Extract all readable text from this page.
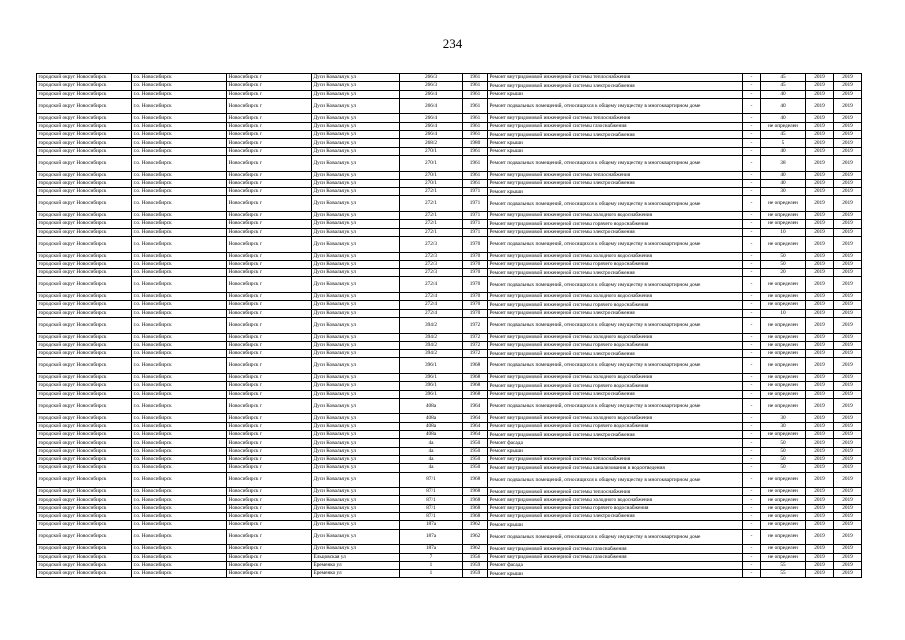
234
городской округ Новосибирск	г.о. Новосибирск	Новосибирск г	Дуси Ковальчук ул	266/3	1961	Ремонт внутридомовой инженерной системы теплоснабжения	-	45	2019	2019
городской округ Новосибирск	г.о. Новосибирск	Новосибирск г	Дуси Ковальчук ул	266/3	1961	Ремонт внутридомовой инженерной системы электроснабжения	-	45	2019	2019
городской округ Новосибирск	г.о. Новосибирск	Новосибирск г	Дуси Ковальчук ул	266/4	1961	Ремонт крыши	-	40	2019	2019
городской округ Новосибирск	г.о. Новосибирск	Новосибирск г	Дуси Ковальчук ул	266/4	1961	Ремонт подвальных помещений, относящихся к общему имуществу в многоквартирном доме	-	40	2019	2019
городской округ Новосибирск	г.о. Новосибирск	Новосибирск г	Дуси Ковальчук ул	266/4	1961	Ремонт внутридомовой инженерной системы теплоснабжения	-	40	2019	2019
городской округ Новосибирск	г.о. Новосибирск	Новосибирск г	Дуси Ковальчук ул	266/4	1961	Ремонт внутридомовой инженерной системы газоснабжения	-	не определен	2019	2019
городской округ Новосибирск	г.о. Новосибирск	Новосибирск г	Дуси Ковальчук ул	266/4	1961	Ремонт внутридомовой инженерной системы электроснабжения	-	45	2019	2019
городской округ Новосибирск	г.о. Новосибирск	Новосибирск г	Дуси Ковальчук ул	268/2	1980	Ремонт крыши	-	5	2019	2019
городской округ Новосибирск	г.о. Новосибирск	Новосибирск г	Дуси Ковальчук ул	270/1	1961	Ремонт крыши	-	40	2019	2019
городской округ Новосибирск	г.о. Новосибирск	Новосибирск г	Дуси Ковальчук ул	270/1	1961	Ремонт подвальных помещений, относящихся к общему имуществу в многоквартирном доме	-	38	2019	2019
городской округ Новосибирск	г.о. Новосибирск	Новосибирск г	Дуси Ковальчук ул	270/1	1961	Ремонт внутридомовой инженерной системы теплоснабжения	-	40	2019	2019
городской округ Новосибирск	г.о. Новосибирск	Новосибирск г	Дуси Ковальчук ул	270/1	1961	Ремонт внутридомовой инженерной системы электроснабжения	-	40	2019	2019
городской округ Новосибирск	г.о. Новосибирск	Новосибирск г	Дуси Ковальчук ул	272/1	1971	Ремонт крыши	-	30	2019	2019
городской округ Новосибирск	г.о. Новосибирск	Новосибирск г	Дуси Ковальчук ул	272/1	1971	Ремонт подвальных помещений, относящихся к общему имуществу в многоквартирном доме	-	не определен	2019	2019
городской округ Новосибирск	г.о. Новосибирск	Новосибирск г	Дуси Ковальчук ул	272/1	1971	Ремонт внутридомовой инженерной системы холодного водоснабжения	-	не определен	2019	2019
городской округ Новосибирск	г.о. Новосибирск	Новосибирск г	Дуси Ковальчук ул	272/1	1971	Ремонт внутридомовой инженерной системы горячего водоснабжения	-	не определен	2019	2019
городской округ Новосибирск	г.о. Новосибирск	Новосибирск г	Дуси Ковальчук ул	272/1	1971	Ремонт внутридомовой инженерной системы электроснабжения	-	10	2019	2019
городской округ Новосибирск	г.о. Новосибирск	Новосибирск г	Дуси Ковальчук ул	272/3	1970	Ремонт подвальных помещений, относящихся к общему имуществу в многоквартирном доме	-	не определен	2019	2019
городской округ Новосибирск	г.о. Новосибирск	Новосибирск г	Дуси Ковальчук ул	272/3	1970	Ремонт внутридомовой инженерной системы холодного водоснабжения	-	50	2019	2019
городской округ Новосибирск	г.о. Новосибирск	Новосибирск г	Дуси Ковальчук ул	272/3	1970	Ремонт внутридомовой инженерной системы горячего водоснабжения	-	50	2019	2019
городской округ Новосибирск	г.о. Новосибирск	Новосибирск г	Дуси Ковальчук ул	272/3	1970	Ремонт внутридомовой инженерной системы электроснабжения	-	20	2019	2019
городской округ Новосибирск	г.о. Новосибирск	Новосибирск г	Дуси Ковальчук ул	272/4	1970	Ремонт подвальных помещений, относящихся к общему имуществу в многоквартирном доме	-	не определен	2019	2019
городской округ Новосибирск	г.о. Новосибирск	Новосибирск г	Дуси Ковальчук ул	272/4	1970	Ремонт внутридомовой инженерной системы холодного водоснабжения	-	не определен	2019	2019
городской округ Новосибирск	г.о. Новосибирск	Новосибирск г	Дуси Ковальчук ул	272/4	1970	Ремонт внутридомовой инженерной системы горячего водоснабжения	-	не определен	2019	2019
городской округ Новосибирск	г.о. Новосибирск	Новосибирск г	Дуси Ковальчук ул	272/4	1970	Ремонт внутридомовой инженерной системы электроснабжения	-	10	2019	2019
городской округ Новосибирск	г.о. Новосибирск	Новосибирск г	Дуси Ковальчук ул	394/2	1972	Ремонт подвальных помещений, относящихся к общему имуществу в многоквартирном доме	-	не определен	2019	2019
городской округ Новосибирск	г.о. Новосибирск	Новосибирск г	Дуси Ковальчук ул	394/2	1972	Ремонт внутридомовой инженерной системы холодного водоснабжения	-	не определен	2019	2019
городской округ Новосибирск	г.о. Новосибирск	Новосибирск г	Дуси Ковальчук ул	394/2	1972	Ремонт внутридомовой инженерной системы горячего водоснабжения	-	не определен	2019	2019
городской округ Новосибирск	г.о. Новосибирск	Новосибирск г	Дуси Ковальчук ул	394/2	1972	Ремонт внутридомовой инженерной системы электроснабжения	-	не определен	2019	2019
городской округ Новосибирск	г.о. Новосибирск	Новосибирск г	Дуси Ковальчук ул	396/1	1968	Ремонт подвальных помещений, относящихся к общему имуществу в многоквартирном доме	-	не определен	2019	2019
городской округ Новосибирск	г.о. Новосибирск	Новосибирск г	Дуси Ковальчук ул	396/1	1968	Ремонт внутридомовой инженерной системы холодного водоснабжения	-	не определен	2019	2019
городской округ Новосибирск	г.о. Новосибирск	Новосибирск г	Дуси Ковальчук ул	396/1	1968	Ремонт внутридомовой инженерной системы горячего водоснабжения	-	не определен	2019	2019
городской округ Новосибирск	г.о. Новосибирск	Новосибирск г	Дуси Ковальчук ул	396/1	1968	Ремонт внутридомовой инженерной системы электроснабжения	-	не определен	2019	2019
городской округ Новосибирск	г.о. Новосибирск	Новосибирск г	Дуси Ковальчук ул	408а	1964	Ремонт подвальных помещений, относящихся к общему имуществу в многоквартирном доме	-	не определен	2019	2019
городской округ Новосибирск	г.о. Новосибирск	Новосибирск г	Дуси Ковальчук ул	408а	1964	Ремонт внутридомовой инженерной системы холодного водоснабжения	-	30	2019	2019
городской округ Новосибирск	г.о. Новосибирск	Новосибирск г	Дуси Ковальчук ул	408а	1964	Ремонт внутридомовой инженерной системы горячего водоснабжения	-	30	2019	2019
городской округ Новосибирск	г.о. Новосибирск	Новосибирск г	Дуси Ковальчук ул	408а	1964	Ремонт внутридомовой инженерной системы электроснабжения	-	не определен	2019	2019
городской округ Новосибирск	г.о. Новосибирск	Новосибирск г	Дуси Ковальчук ул	4а	1950	Ремонт фасада	-	50	2019	2019
городской округ Новосибирск	г.о. Новосибирск	Новосибирск г	Дуси Ковальчук ул	4а	1950	Ремонт крыши	-	50	2019	2019
городской округ Новосибирск	г.о. Новосибирск	Новосибирск г	Дуси Ковальчук ул	4а	1950	Ремонт внутридомовой инженерной системы теплоснабжения	-	50	2019	2019
городской округ Новосибирск	г.о. Новосибирск	Новосибирск г	Дуси Ковальчук ул	4а	1950	Ремонт внутридомовой инженерной системы канализования и водоотведения	-	50	2019	2019
городской округ Новосибирск	г.о. Новосибирск	Новосибирск г	Дуси Ковальчук ул	87/1	1968	Ремонт подвальных помещений, относящихся к общему имуществу в многоквартирном доме	-	не определен	2019	2019
городской округ Новосибирск	г.о. Новосибирск	Новосибирск г	Дуси Ковальчук ул	87/1	1968	Ремонт внутридомовой инженерной системы теплоснабжения	-	не определен	2019	2019
городской округ Новосибирск	г.о. Новосибирск	Новосибирск г	Дуси Ковальчук ул	87/1	1968	Ремонт внутридомовой инженерной системы холодного водоснабжения	-	не определен	2019	2019
городской округ Новосибирск	г.о. Новосибирск	Новосибирск г	Дуси Ковальчук ул	87/1	1968	Ремонт внутридомовой инженерной системы горячего водоснабжения	-	не определен	2019	2019
городской округ Новосибирск	г.о. Новосибирск	Новосибирск г	Дуси Ковальчук ул	87/1	1968	Ремонт внутридомовой инженерной системы электроснабжения	-	не определен	2019	2019
городской округ Новосибирск	г.о. Новосибирск	Новосибирск г	Дуси Ковальчук ул	187а	1962	Ремонт крыши	-	не определен	2019	2019
городской округ Новосибирск	г.о. Новосибирск	Новосибирск г	Дуси Ковальчук ул	187а	1962	Ремонт подвальных помещений, относящихся к общему имуществу в многоквартирном доме	-	не определен	2019	2019
городской округ Новосибирск	г.о. Новосибирск	Новосибирск г	Дуси Ковальчук ул	187а	1962	Ремонт внутридомовой инженерной системы газоснабжения	-	не определен	2019	2019
городской округ Новосибирск	г.о. Новосибирск	Новосибирск г	Ельцовская ул	7	1956	Ремонт внутридомовой инженерной системы газоснабжения	-	не определен	2019	2019
городской округ Новосибирск	г.о. Новосибирск	Новосибирск г	Еременко ул	1	1959	Ремонт фасада	-	55	2019	2019
городской округ Новосибирск	г.о. Новосибирск	Новосибирск г	Еременко ул	1	1959	Ремонт крыши	-	55	2019	2019
